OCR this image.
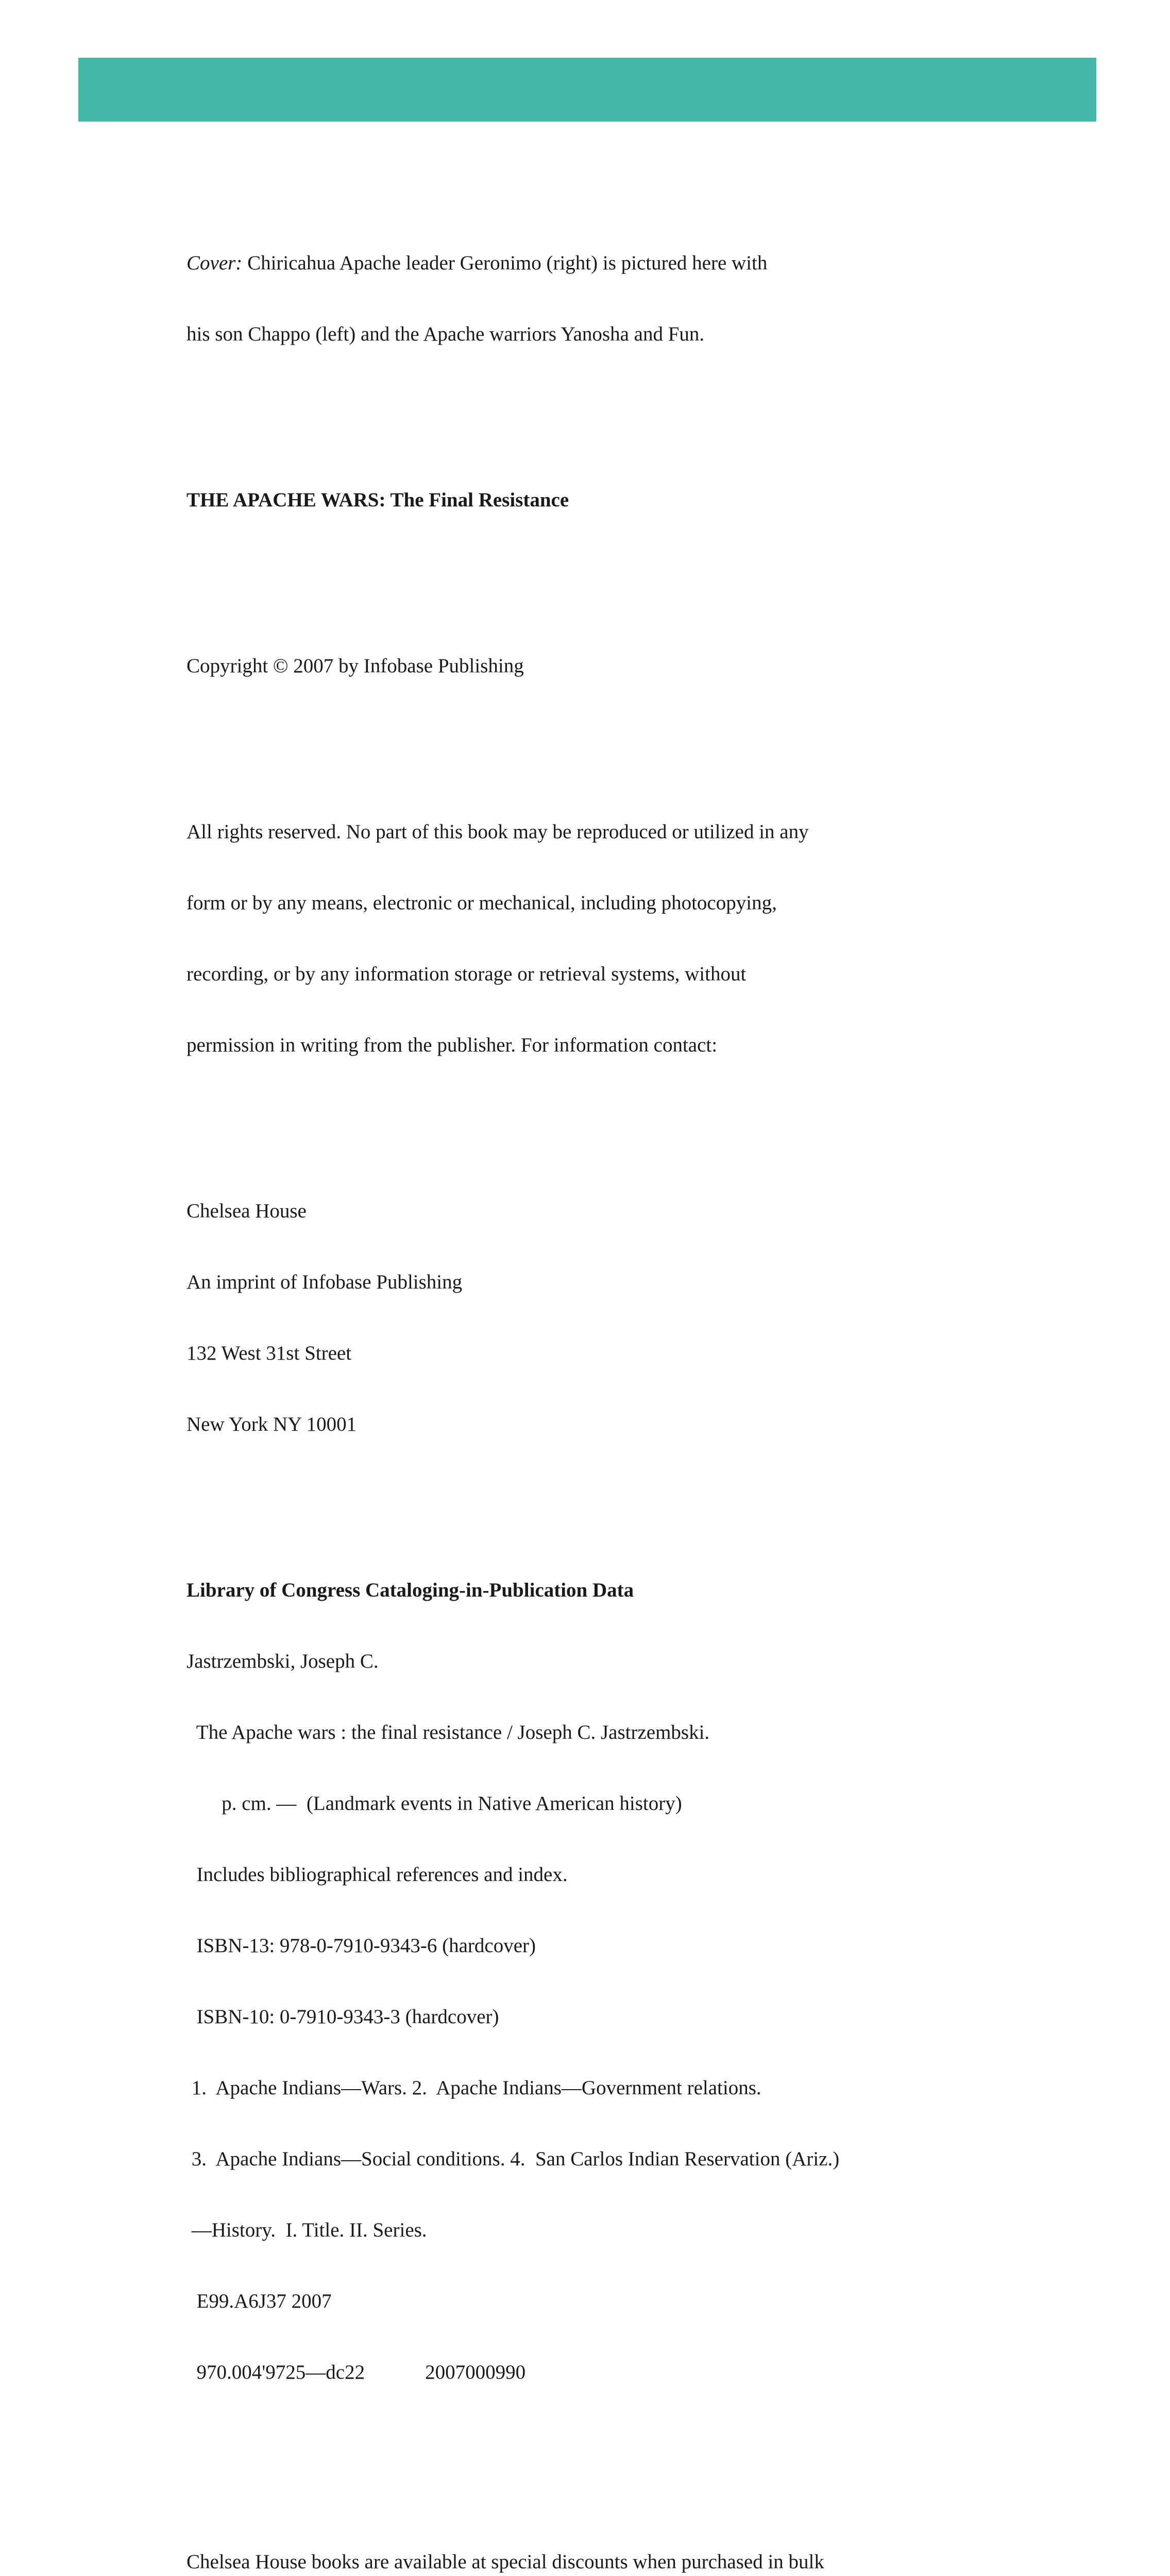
Cover: Chiricahua Apache leader Geronimo (right) is pictured here with

his son Chappo (left) and the Apache warriors Yanosha and Fun.

THE APACHE WARS: The Final Resistance

Copyright © 2007 by Infobase Publishing

All rights reserved. No part of this book may be reproduced or utilized in any

form or by any means, electronic or mechanical, including photocopying,

recording, or by any information storage or retrieval systems, without

permission in writing from the publisher. For information contact:

Chelsea House

An imprint of Infobase Publishing

132 West 31st Street

New York NY 10001

Library of Congress Cataloging-in-Publication Data

Jastrzembski, Joseph C.

The Apache wars : the final resistance / Joseph C. Jastrzembski.

p. cm. —  (Landmark events in Native American history)

Includes bibliographical references and index.

ISBN-13: 978-0-7910-9343-6 (hardcover)

ISBN-10: 0-7910-9343-3 (hardcover)

1.  Apache Indians—Wars. 2.  Apache Indians—Government relations.

3.  Apache Indians—Social conditions. 4.  San Carlos Indian Reservation (Ariz.)

—History.  I. Title. II. Series.

E99.A6J37 2007

970.004'9725—dc22            2007000990

Chelsea House books are available at special discounts when purchased in bulk
